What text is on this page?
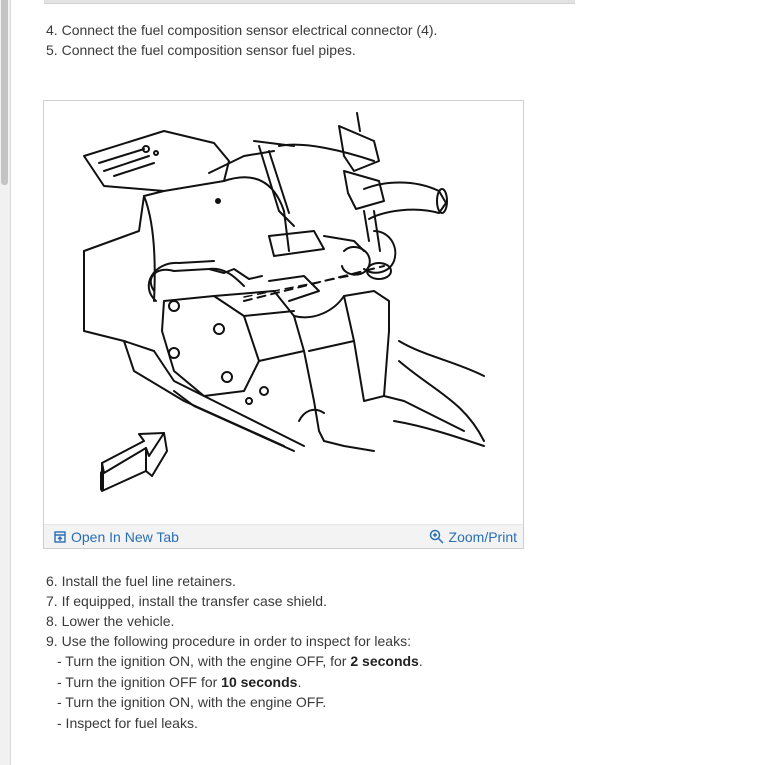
4. Connect the fuel composition sensor electrical connector (4).
5. Connect the fuel composition sensor fuel pipes.
Open In New Tab	Zoom/Print
6. Install the fuel line retainers.
7. If equipped, install the transfer case shield.
8. Lower the vehicle.
9. Use the following procedure in order to inspect for leaks:
- Turn the ignition ON, with the engine OFF, for 2 seconds.
- Turn the ignition OFF for 10 seconds.
- Turn the ignition ON, with the engine OFF.
- Inspect for fuel leaks.
